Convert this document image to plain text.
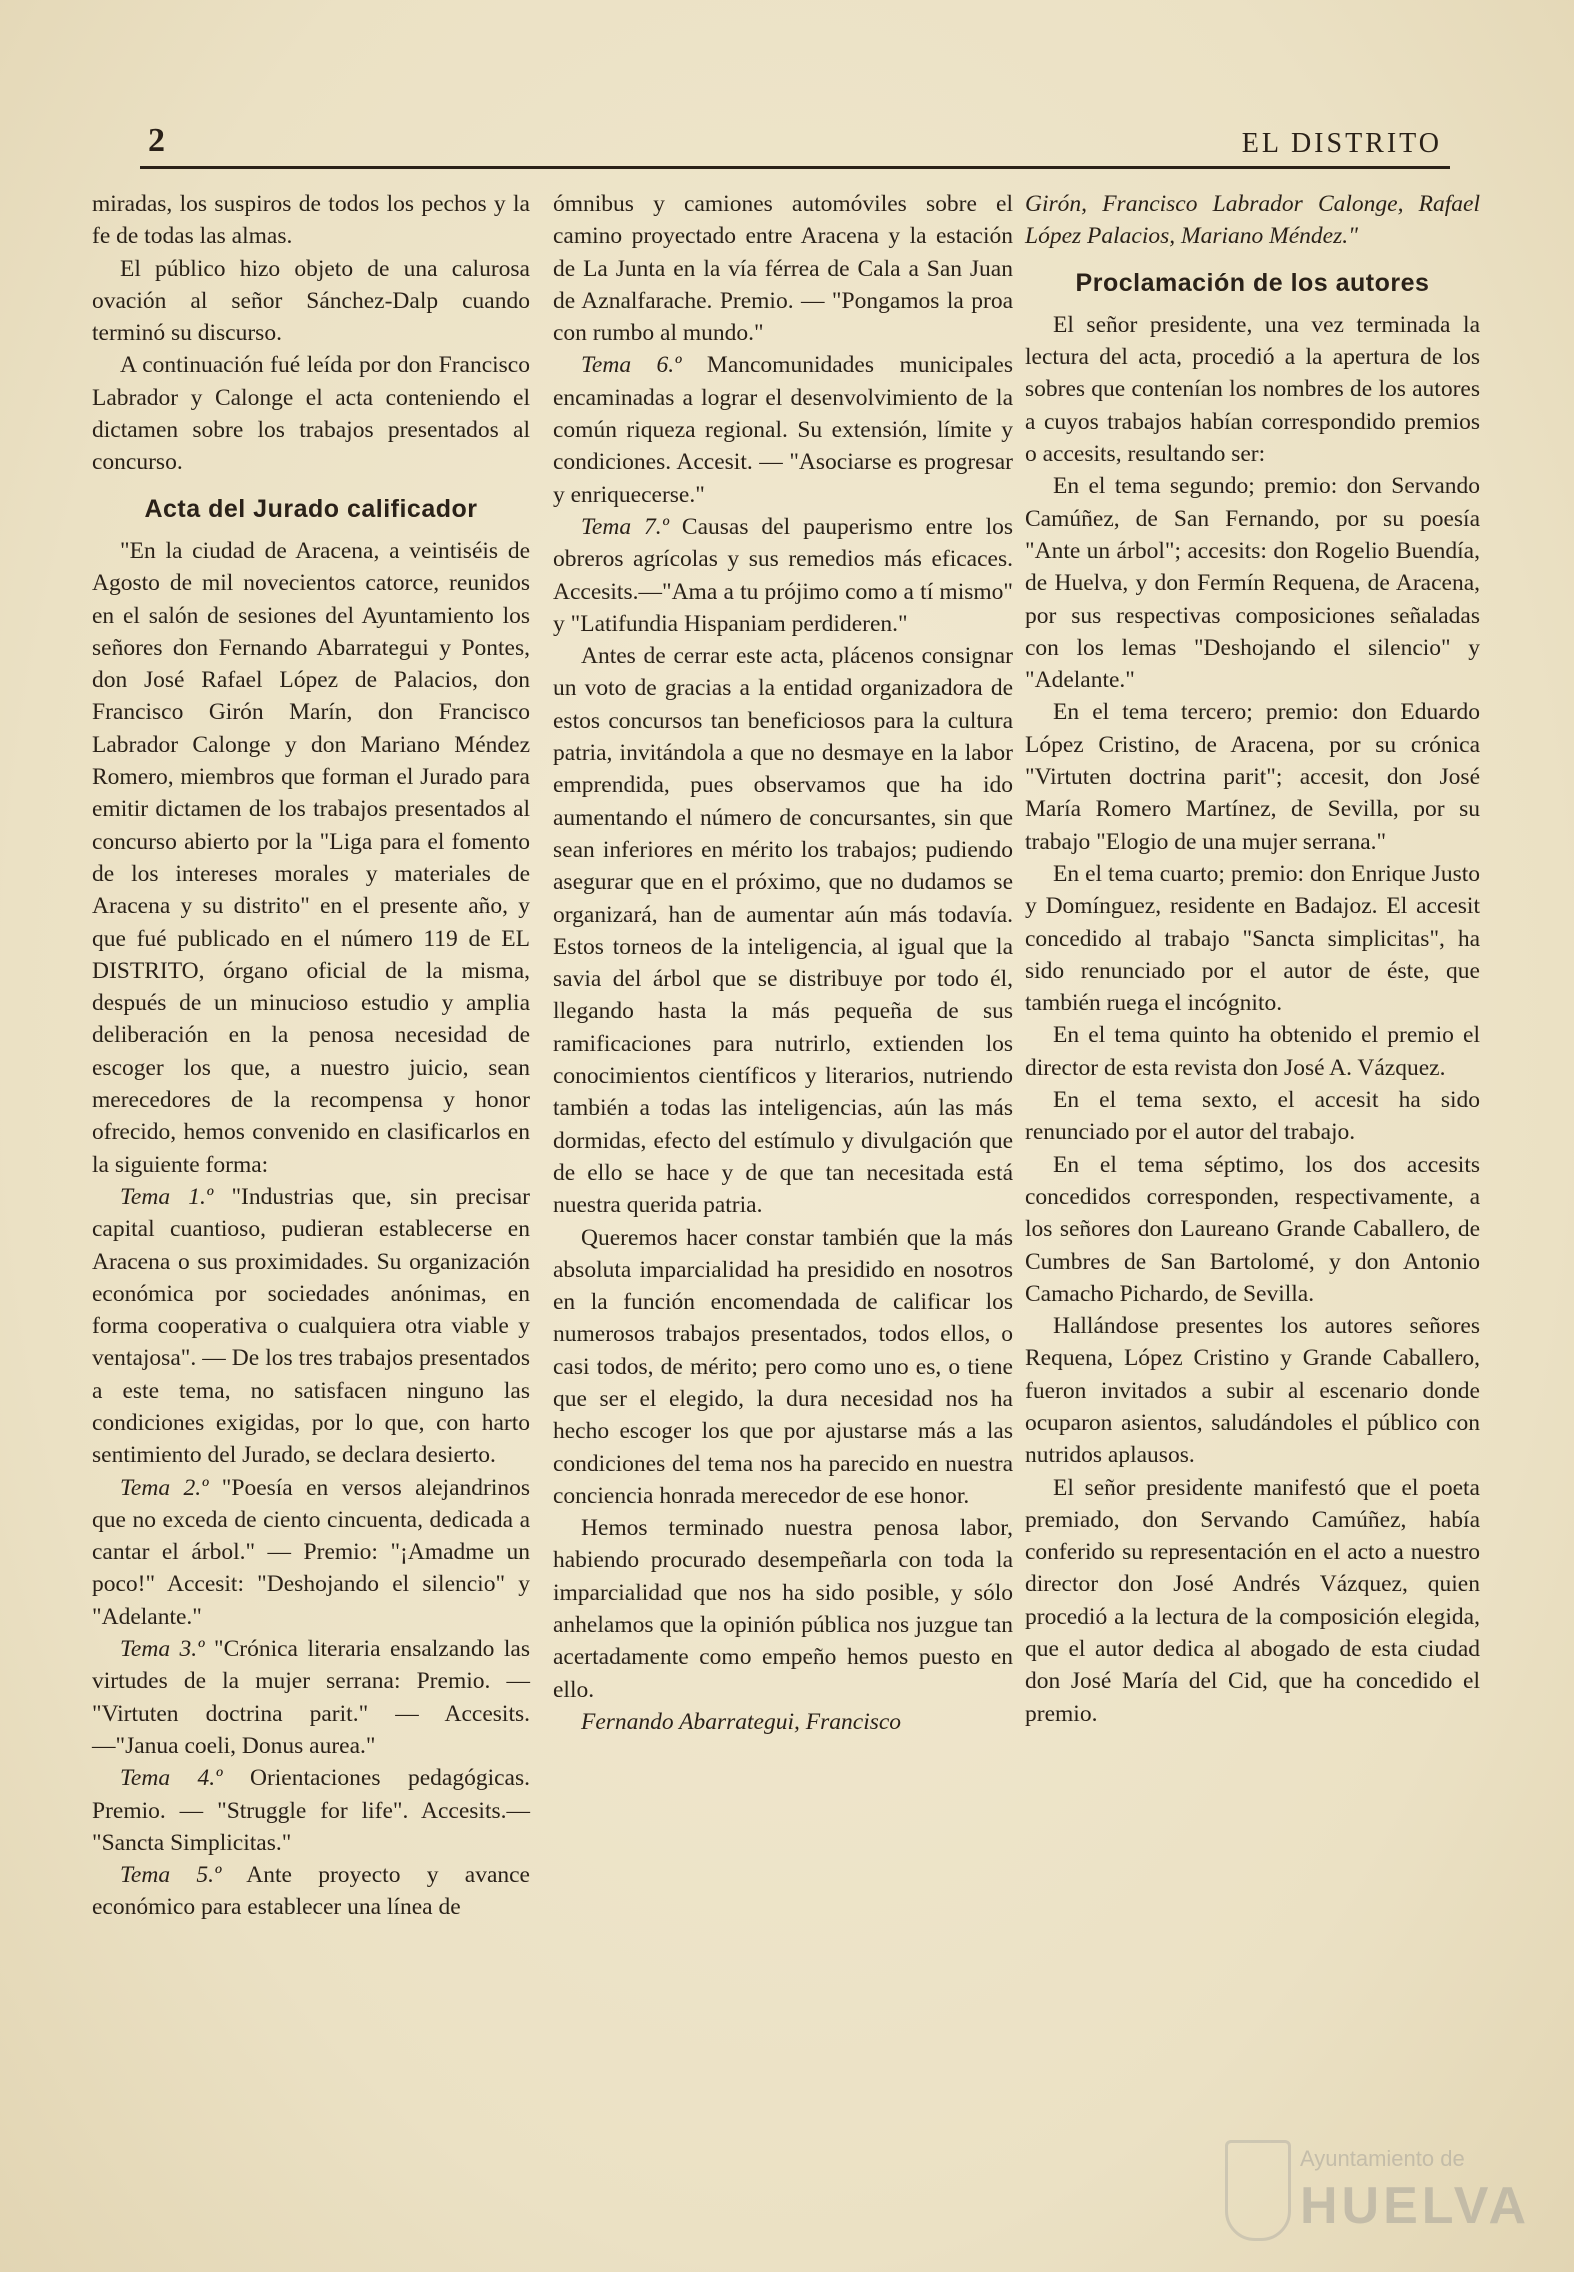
2	EL DISTRITO

miradas, los suspiros de todos los pechos y la fe de todas las almas.

El público hizo objeto de una calurosa ovación al señor Sánchez-Dalp cuando terminó su discurso.

A continuación fué leída por don Francisco Labrador y Calonge el acta conteniendo el dictamen sobre los trabajos presentados al concurso.

Acta del Jurado calificador

"En la ciudad de Aracena, a veintiséis de Agosto de mil novecientos catorce, reunidos en el salón de sesiones del Ayuntamiento los señores don Fernando Abarrategui y Pontes, don José Rafael López de Palacios, don Francisco Girón Marín, don Francisco Labrador Calonge y don Mariano Méndez Romero, miembros que forman el Jurado para emitir dictamen de los trabajos presentados al concurso abierto por la "Liga para el fomento de los intereses morales y materiales de Aracena y su distrito" en el presente año, y que fué publicado en el número 119 de EL DISTRITO, órgano oficial de la misma, después de un minucioso estudio y amplia deliberación en la penosa necesidad de escoger los que, a nuestro juicio, sean merecedores de la recompensa y honor ofrecido, hemos convenido en clasificarlos en la siguiente forma:

Tema 1.º "Industrias que, sin precisar capital cuantioso, pudieran establecerse en Aracena o sus proximidades. Su organización económica por sociedades anónimas, en forma cooperativa o cualquiera otra viable y ventajosa". — De los tres trabajos presentados a este tema, no satisfacen ninguno las condiciones exigidas, por lo que, con harto sentimiento del Jurado, se declara desierto.

Tema 2.º "Poesía en versos alejandrinos que no exceda de ciento cincuenta, dedicada a cantar el árbol." — Premio: "¡Amadme un poco!" Accesit: "Deshojando el silencio" y "Adelante."

Tema 3.º "Crónica literaria ensalzando las virtudes de la mujer serrana: Premio. — "Virtuten doctrina parit." — Accesits.—"Janua coeli, Donus aurea."

Tema 4.º Orientaciones pedagógicas. Premio. — "Struggle for life". Accesits.— "Sancta Simplicitas."

Tema 5.º Ante proyecto y avance económico para establecer una línea de

ómnibus y camiones automóviles sobre el camino proyectado entre Aracena y la estación de La Junta en la vía férrea de Cala a San Juan de Aznalfarache. Premio. — "Pongamos la proa con rumbo al mundo."

Tema 6.º Mancomunidades municipales encaminadas a lograr el desenvolvimiento de la común riqueza regional. Su extensión, límite y condiciones. Accesit. — "Asociarse es progresar y enriquecerse."

Tema 7.º Causas del pauperismo entre los obreros agrícolas y sus remedios más eficaces. Accesits.—"Ama a tu prójimo como a tí mismo" y "Latifundia Hispaniam perdideren."

Antes de cerrar este acta, plácenos consignar un voto de gracias a la entidad organizadora de estos concursos tan beneficiosos para la cultura patria, invitándola a que no desmaye en la labor emprendida, pues observamos que ha ido aumentando el número de concursantes, sin que sean inferiores en mérito los trabajos; pudiendo asegurar que en el próximo, que no dudamos se organizará, han de aumentar aún más todavía. Estos torneos de la inteligencia, al igual que la savia del árbol que se distribuye por todo él, llegando hasta la más pequeña de sus ramificaciones para nutrirlo, extienden los conocimientos científicos y literarios, nutriendo también a todas las inteligencias, aún las más dormidas, efecto del estímulo y divulgación que de ello se hace y de que tan necesitada está nuestra querida patria.

Queremos hacer constar también que la más absoluta imparcialidad ha presidido en nosotros en la función encomendada de calificar los numerosos trabajos presentados, todos ellos, o casi todos, de mérito; pero como uno es, o tiene que ser el elegido, la dura necesidad nos ha hecho escoger los que por ajustarse más a las condiciones del tema nos ha parecido en nuestra conciencia honrada merecedor de ese honor.

Hemos terminado nuestra penosa labor, habiendo procurado desempeñarla con toda la imparcialidad que nos ha sido posible, y sólo anhelamos que la opinión pública nos juzgue tan acertadamente como empeño hemos puesto en ello.

Fernando Abarrategui, Francisco

Girón, Francisco Labrador Calonge, Rafael López Palacios, Mariano Méndez."

Proclamación de los autores

El señor presidente, una vez terminada la lectura del acta, procedió a la apertura de los sobres que contenían los nombres de los autores a cuyos trabajos habían correspondido premios o accesits, resultando ser:

En el tema segundo; premio: don Servando Camúñez, de San Fernando, por su poesía "Ante un árbol"; accesits: don Rogelio Buendía, de Huelva, y don Fermín Requena, de Aracena, por sus respectivas composiciones señaladas con los lemas "Deshojando el silencio" y "Adelante."

En el tema tercero; premio: don Eduardo López Cristino, de Aracena, por su crónica "Virtuten doctrina parit"; accesit, don José María Romero Martínez, de Sevilla, por su trabajo "Elogio de una mujer serrana."

En el tema cuarto; premio: don Enrique Justo y Domínguez, residente en Badajoz. El accesit concedido al trabajo "Sancta simplicitas", ha sido renunciado por el autor de éste, que también ruega el incógnito.

En el tema quinto ha obtenido el premio el director de esta revista don José A. Vázquez.

En el tema sexto, el accesit ha sido renunciado por el autor del trabajo.

En el tema séptimo, los dos accesits concedidos corresponden, respectivamente, a los señores don Laureano Grande Caballero, de Cumbres de San Bartolomé, y don Antonio Camacho Pichardo, de Sevilla.

Hallándose presentes los autores señores Requena, López Cristino y Grande Caballero, fueron invitados a subir al escenario donde ocuparon asientos, saludándoles el público con nutridos aplausos.

El señor presidente manifestó que el poeta premiado, don Servando Camúñez, había conferido su representación en el acto a nuestro director don José Andrés Vázquez, quien procedió a la lectura de la composición elegida, que el autor dedica al abogado de esta ciudad don José María del Cid, que ha concedido el premio.

Ayuntamiento de
HUELVA
